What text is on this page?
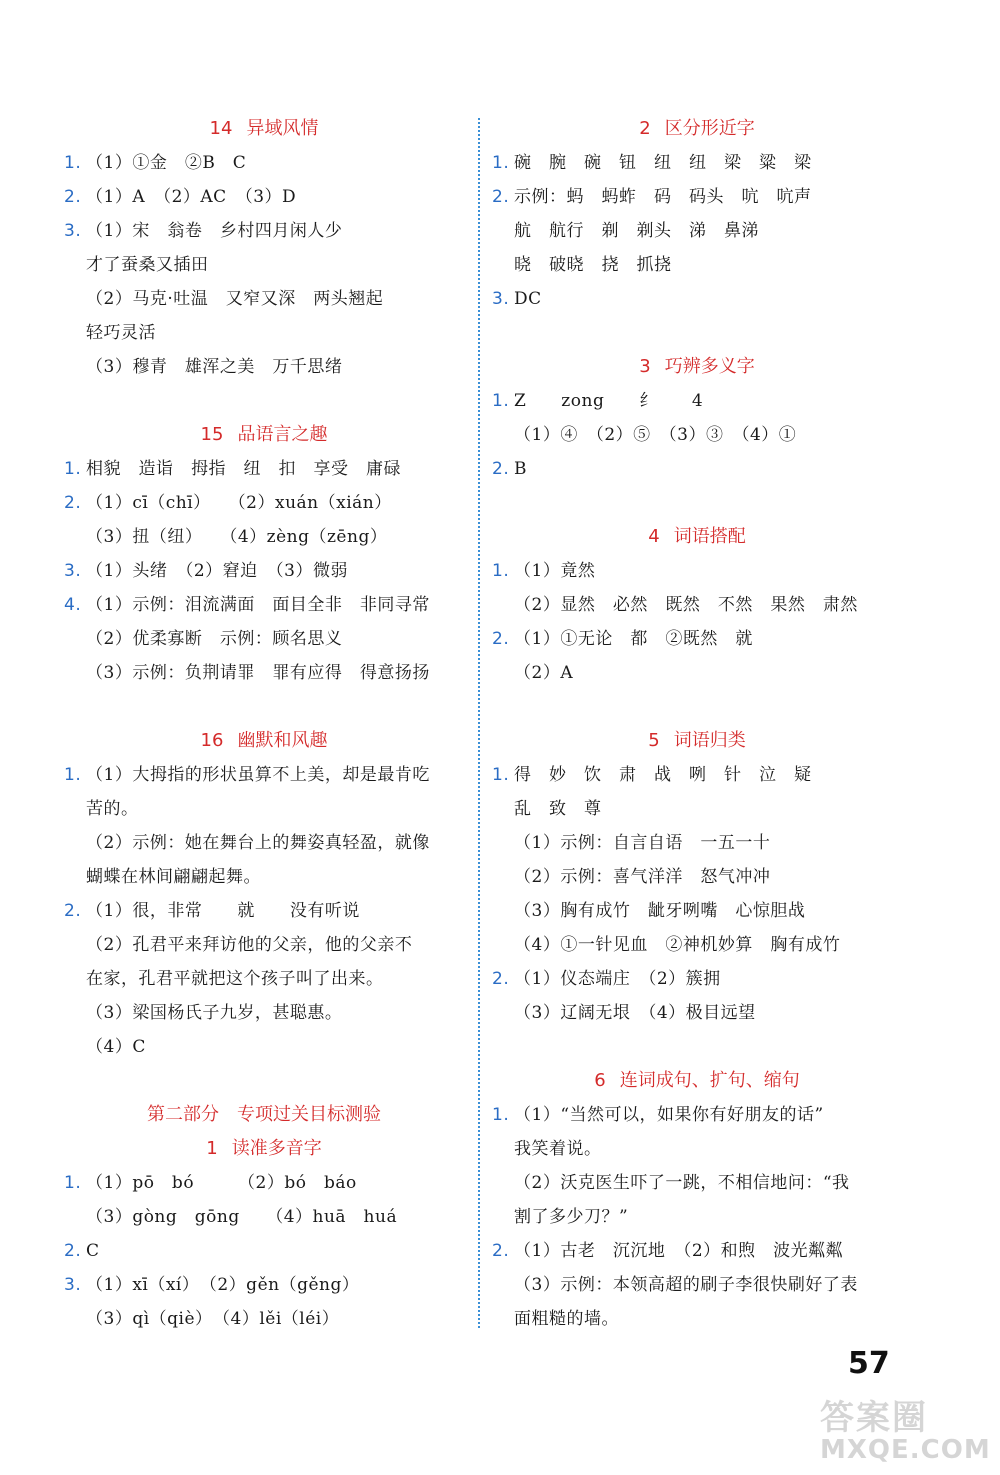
14 异域风情
1. （1）①金　②B　C
2. （1）A　（2）AC　（3）D
3. （1）宋　翁卷　乡村四月闲人少
才了蚕桑又插田
（2）马克·吐温　又窄又深　两头翘起
轻巧灵活
（3）穆青　雄浑之美　万千思绪
15 品语言之趣
1. 相貌　造诣　拇指　纽　扣　享受　庸碌
2. （1）cī（chī）　　（2）xuán（xián）
（3）扭（纽）　　（4）zèng（zēng）
3. （1）头绪　（2）窘迫　（3）微弱
4. （1）示例：泪流满面　面目全非　非同寻常
（2）优柔寡断　示例：顾名思义
（3）示例：负荆请罪　罪有应得　得意扬扬
16 幽默和风趣
1. （1）大拇指的形状虽算不上美，却是最肯吃
苦的。
（2）示例：她在舞台上的舞姿真轻盈，就像
蝴蝶在林间翩翩起舞。
2. （1）很，非常　　就　　没有听说
（2）孔君平来拜访他的父亲，他的父亲不
在家，孔君平就把这个孩子叫了出来。
（3）梁国杨氏子九岁，甚聪惠。
（4）C
第二部分　专项过关目标测验
1 读准多音字
1. （1）pō　bó　　　（2）bó　báo
（3）gòng　gōng　　（4）huā　huá
2. C
3. （1）xī（xí）　（2）gěn（gěng）
（3）qì（qiè）　（4）lěi（léi）
2 区分形近字
1. 碗　腕　碗　钮　纽　纽　梁　粱　梁
2. 示例：蚂　蚂蚱　码　码头　吭　吭声
航　航行　剃　剃头　涕　鼻涕
晓　破晓　挠　抓挠
3. DC
3 巧辨多义字
1. Z　　zong　　纟　　4
（1）④　（2）⑤　（3）③　（4）①
2. B
4 词语搭配
1. （1）竟然
（2）显然　必然　既然　不然　果然　肃然
2. （1）①无论　都　②既然　就
（2）A
5 词语归类
1. 得　妙　饮　肃　战　咧　针　泣　疑
乱　致　尊
（1）示例：自言自语　一五一十
（2）示例：喜气洋洋　怒气冲冲
（3）胸有成竹　龇牙咧嘴　心惊胆战
（4）①一针见血　②神机妙算　胸有成竹
2. （1）仪态端庄　（2）簇拥
（3）辽阔无垠　（4）极目远望
6 连词成句、扩句、缩句
1. （1）“当然可以，如果你有好朋友的话”
我笑着说。
（2）沃克医生吓了一跳，不相信地问：“我
割了多少刀？”
2. （1）古老　沉沉地　（2）和煦　波光粼粼
（3）示例：本领高超的刷子李很快刷好了表
面粗糙的墙。
57
答案圈
MXQE.COM
